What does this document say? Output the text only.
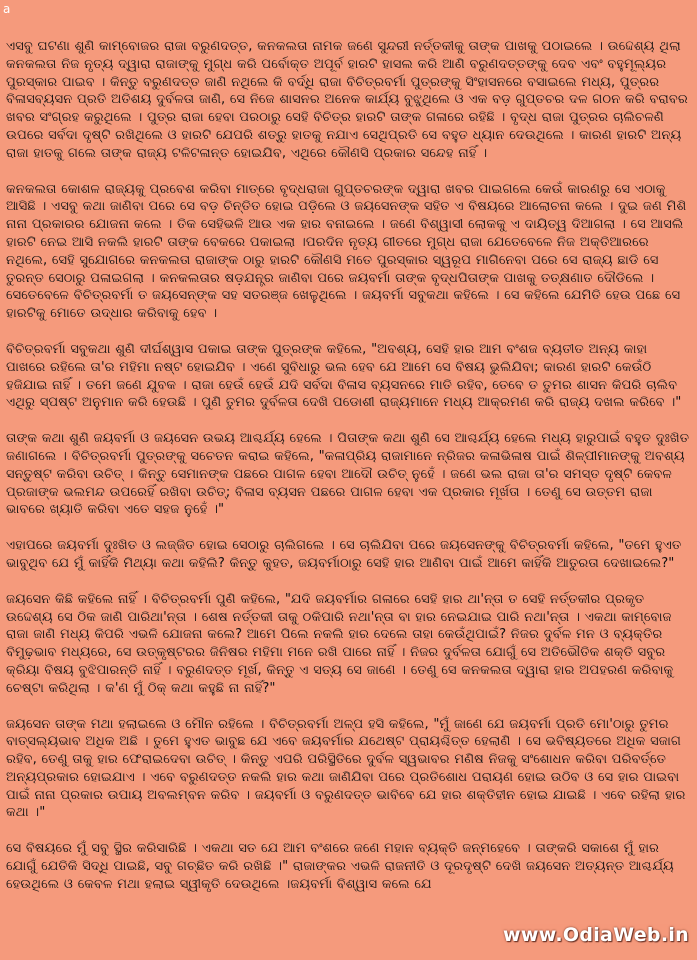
a

ଏସବୁ ଘଟଣା ଶୁଣି କାମ୍ବୋଜର ରାଜା ବରୁଣଦତ୍ତ, କନକଲତା ନାମକ ଜଣେ ସୁନ୍ଦରୀ ନର୍ତ୍ତକୀକୁ ତାଙ୍କ ପାଖକୁ ପଠାଇଲେ । ଉଦ୍ଦେଶ୍ୟ ଥିଲା କନକଲତା ନିଜ ନୃତ୍ୟ ଦ୍ୱାରା ରାଜାଙ୍କୁ ମୁଗ୍ଧ କରି ପର୍ବୋକ୍ତ ଅପୂର୍ବ ହାରଟି ହାସଲ କରି ଆଣି ବରୁଣଦତ୍ତଙ୍କୁ ଦେବ ଏବଂ ବହୁମୂଲ୍ୟର ପୁରସ୍କାର ପାଇବ । କିନ୍ତୁ ବରୁଣଦତ୍ତ ଜାଣି ନଥିଲେ କି ବର୍ଦ୍ଧି ରାଜା ବିଚିତ୍ରବର୍ମା ପୁତ୍ରଙ୍କୁ ସିଂହାସନରେ ବସାଇଲେ ମଧ୍ୟ, ପୁତ୍ରର ବିଳାସବ୍ୟସନ ପ୍ରତି ଅତିଶୟ ଦୁର୍ବଳତା ଜାଣି, ସେ ନିଜେ ଶାସନର ଅନେକ କାର୍ଯ୍ୟ ବୁଝୁଥିଲେ ଓ ଏକ ବଡ଼ ଗୁପ୍ତଚର ଦଳ ଗଠନ କରି ବରାବର ଖବର ସଂଗ୍ରହ କରୁଥିଲେ । ପୁତ୍ର ରାଜା ହେବା ପରଠାରୁ ସେହି ବିଚିତ୍ର ହାରଟି ତାଙ୍କ ଗଳାରେ ରହିଛି । ବୃଦ୍ଧ ରାଜା ପୁତ୍ରର ଚାଲିଚଳଣି ଉପରେ ସର୍ବଦା ଦୃଷ୍ଟି ରଖିଥିଲେ ଓ ହାରଟି ଯେପରି ଶତ୍ରୁ ହାତକୁ ନଯାଏ ସେଥିପ୍ରତି ସେ ବହୁତ ଧ୍ୟାନ ଦେଉଥିଲେ । କାରଣ ହାରଟି ଅନ୍ୟ ରାଜା ହାତକୁ ଗଲେ ତାଙ୍କ ରାଜ୍ୟ ଟଳିଟଳାନ୍ତ ହୋଇଯିବ, ଏଥିରେ କୌଣସି ପ୍ରକାର ସନ୍ଦେହ ନାହିଁ ।

କନକଲତା କୋଶଳ ରାଜ୍ୟକୁ ପ୍ରବେଶ କରିବା ମାତ୍ରେ ବୃଦ୍ଧରାଜା ଗୁପ୍ତଚରଙ୍କ ଦ୍ୱାରା ଖବର ପାଇଗଲେ କେଉଁ କାରଣରୁ ସେ ଏଠାକୁ ଆସିଛି । ଏସବୁ କଥା ଜାଣିବା ପରେ ସେ ବଡ଼ ଚିନ୍ତିତ ହୋଇ ପଡ଼ିଲେ ଓ ଜୟସେନଙ୍କ ସହିତ ଏ ବିଷୟରେ ଆଲୋଚନା କଲେ । ଦୁଇ ଜଣ ମିଶି ନାନା ପ୍ରକାରର ଯୋଜନା କଲେ । ତିକ ସେହିଭଳି ଆଉ ଏକ ହାର ବନାଇଲେ । ଜଣେ ବିଶ୍ୱାସୀ ଲୋକକୁ ଏ ଦାୟିତ୍ୱ ଦିଆଗଲା । ସେ ଆସଲି ହାରଟି ନେଇ ଆସି ନକଲି ହାରଟି ତାଙ୍କ ବେକରେ ପକାଇଲା ।ପରଦିନ ନୃତ୍ୟ ଗୀତରେ ମୁଗ୍ଧ ରାଜା ଯେତେବେଳେ ନିଜ ଅକ୍ତିଆରରେ ନଥିଲେ, ସେହି ସୁଯୋଗରେ କନକଲତା ରାଜାଙ୍କ ଠାରୁ ହାରଟି କୌଣସି ମତେ ପୁରସ୍କାର ସ୍ୱରୂପ ମାଗିନେବା ପରେ ସେ ରାଜ୍ୟ ଛାଡି ସେ ତୁରନ୍ତ ସେଠାରୁ ପଳାଇଗଲା । କନକଲତାର ଷଡ଼ଯନ୍ତ୍ର ଜାଣିବା ପରେ ଜୟବର୍ମା ତାଙ୍କ ବୃଦ୍ଧପିତାଙ୍କ ପାଖକୁ ତତ୍କ୍ଷଣାତ ଦୌଡିଲେ ।ସେତେବେଳେ ବିଚିତ୍ରବର୍ମା ତ ଜୟସେନ୍ଙ୍କ ସହ ସତରଞ୍ଜ ଖେଳୁଥିଲେ । ଜୟବର୍ମା ସବୁକଥା କହିଲେ । ସେ କହିଲେ ଯେମିତି ହେଉ ପଛେ ସେ ହାରଟିକୁ ମୋତେ ଉଦ୍ଧାର କରିବାକୁ ହେବ ।

ବିଚିତ୍ରବର୍ମା ସବୁକଥା ଶୁଣି ଦୀର୍ଘଶ୍ୱାସ ପକାଇ ତାଙ୍କ ପୁତ୍ରଙ୍କ କହିଲେ, "ଅବଶ୍ୟ, ସେହି ହାର ଆମ ବଂଶଜ ବ୍ୟତୀତ ଅନ୍ୟ କାହା ପାଖରେ ରହିଲେ ତା'ର ମହିମା ନଷ୍ଟ ହୋଇଯିବ । ଏଣେ ସୁବିଧାରୁ ଭଲ ହେବ ଯେ ଆମେ ସେ ବିଷୟ ଭୁଲିଯିବା; କାରଣ ହାରଟି କେଉଁଠି ହଜିଯାଇ ନାହିଁ । ତମେ ଜଣେ ଯୁବକ । ରାଜା ହେଉଁ ହେଉଁ ଯଦି ସର୍ବଦା ବିଳାସ ବ୍ୟସନରେ ମାତି ରହିବ, ତେବେ ତ ତୁମର ଶାସନ କିପରି ଚାଲିବ ଏଥିରୁ ସ୍ପଷ୍ଟ ଅନୁମାନ କରି ହେଉଛି । ପୁଣି ତୁମର ଦୁର୍ବଳତା ଦେଖି ପଡୋଶୀ ରାଜ୍ୟମାନେ ମଧ୍ୟ ଆକ୍ରମଣ କରି ରାଜ୍ୟ ଦଖଲ କରିବେ ।"

ତାଙ୍କ କଥା ଶୁଣି ଜୟବର୍ମା ଓ ଜୟସେନ ଉଭୟ ଆଶ୍ଚର୍ଯ୍ୟ ହେଲେ । ପିତାଙ୍କ କଥା ଶୁଣି ସେ ଆଶ୍ଚର୍ଯ୍ୟ ହେଲେ ମଧ୍ୟ ହାରୁପାଇଁ ବହୁତ ଦୁଃଖିତ ଜଣାଗଲେ । ବିଚିତ୍ରବର୍ମା ପୁତ୍ରଙ୍କୁ ସଚେତନ କରାଇ କହିଲେ, "କଳାପ୍ରିୟ ରାଜାମାନେ ନ୍ରିଜର କଳାଭିଳାଷ ପାଇଁ ଶିଳ୍ପୀମାନଙ୍କୁ ଅବଶ୍ୟ ସନ୍ତୁଷ୍ଟ କରିବା ଉଚିତ୍ । କିନ୍ତୁ ସେମାନଙ୍କ ପଛରେ ପାଗଳ ହେବା ଆଦୌ ଉଚିତ୍ ନୁହେଁ । ଜଣେ ଭଲ ରାଜା ତା'ର ସମସ୍ତ ଦୃଷ୍ଟି କେବଳ ପ୍ରଜାଙ୍କ ଭଲମନ୍ଦ ଉପରେହିଁ ରଖିବା ଉଚିତ୍; ବିଳାସ ବ୍ୟସନ ପଛରେ ପାଗଳ ହେବା ଏକ ପ୍ରକାର ମୂର୍ଖତା । ତେଣୁ ସେ ଉତ୍ତମ ରାଜା ଭାବରେ ଖ୍ୟାତି କରିବା ଏତେ ସହଜ ନୁହେଁ ।"

ଏହାପରେ ଜୟବର୍ମା ଦୁଃଖିତ ଓ ଲଜ୍ଜିତ ହୋଇ ସେଠାରୁ ଚାଲିଗଲେ । ସେ ଚାଲିଯିବା ପରେ ଜୟସେନଙ୍କୁ ବିଚିତ୍ରବର୍ମା କହିଲେ, "ତମେ ହୁଏତ ଭାବୁଥିବ ଯେ ମୁଁ କାହିଁକି ମିଥ୍ୟା କଥା କହିଲି? କିନ୍ତୁ କୁହତ, ଜୟବର୍ମାଠାରୁ ସେହି ହାର ଆଣିବା ପାଇଁ ଆମେ କାହିଁକି ଆତୁରତା ଦେଖାଇଲେ?"

ଜୟସେନ କିଛି କହିଲେ ନାହିଁ । ବିଚିତ୍ରବର୍ମା ପୁଣି କହିଲେ, "ଯଦି ଜୟବର୍ମାର ଗଳାରେ ସେହି ହାର ଥା'ନ୍ତା ତ ସେହି ନର୍ତ୍ତକୀର ପ୍ରକୃତ ଉଦ୍ଦେଶ୍ୟ ସେ ଠିକ ଜାଣି ପାରିଥା'ନ୍ତା । ଶେଷ ନର୍ତ୍ତକୀ ତାକୁ ଠକିପାରି ନଥା'ନ୍ତା ବା ହାର ନେଇଯାଇ ପାରି ନଥା'ନ୍ତା । ଏକଥା କାମ୍ବୋଜ ରାଜା ଜାଣି ମଧ୍ୟ କିପରି ଏଭଳି ଯୋଜନା କଲେ? ଆମେ ପିଲେ ନକଲି ହାର ଦେଲେ ତାହା କେଉଁଥିପାଇଁ? ନିଜର ଦୁର୍ବଳ ମନ ଓ ବ୍ୟକ୍ତିର ବିମୁଢ଼ଭାବ ମଧ୍ୟରେ, ସେ ଉତ୍କୃଷ୍ଟରର ଜିନିଷର ମହିମା ମନେ ରଖି ପାରେ ନାହିଁ । ନିଜର ଦୁର୍ବଳତା ଯୋଗୁଁ ସେ ଅତିଭୌତିକ ଶକ୍ତି ସବୁର କ୍ରିୟା ବିଷୟ ବୁଝିପାରନ୍ତି ନାହିଁ । ବରୁଣଦତ୍ତ ମୂର୍ଖ, କିନ୍ତୁ ଏ ସତ୍ୟ ସେ ଜାଣେ । ତେଣୁ ସେ କନକଲତା ଦ୍ୱାରା ହାର ଅପହରଣ କରିବାକୁ ଚେଷ୍ଟା କରିଥିଲା । କ'ଣ ମୁଁ ଠିକ୍ କଥା କହୁଛି ନା ନାହିଁ?"

ଜୟସେନ ତାଙ୍କ ମଥା ହଲାଇଲେ ଓ ମୌନ ରହିଲେ । ବିଚିତ୍ରବର୍ମା ଅଳ୍ପ ହସି କହିଲେ, "ମୁଁ ଜାଣେ ଯେ ଜୟବର୍ମା ପ୍ରତି ମୋ'ଠାରୁ ତୁମର ବାତ୍ସଲ୍ୟଭାବ ଅଧିକ ଅଛି । ତୁମେ ହୁଏତ ଭାବୁଛ ଯେ ଏବେ ଜୟବର୍ମାର ଯଥେଷ୍ଟ ପ୍ରାୟଶ୍ଚିତ୍ତ ହେଲାଣି । ସେ ଭବିଷ୍ୟତରେ ଅଧିକ ସଜାଗ ରହିବ, ତେଣୁ ତାକୁ ହାର ଫେରାଇଦେବା ଉଚିତ୍ । କିନ୍ତୁ ଏପରି ପରିସ୍ଥିତିରେ ଦୁର୍ବଳ ସ୍ୱଭାବର ମଣିଷ ନିଜକୁ ସଂଶୋଧନ କରିବା ପରିବର୍ତ୍ତେ ଅନ୍ୟପ୍ରକାର ହୋଇଯାଏ । ଏବେ ବରୁଣଦତ୍ତ ନକଲି ହାର କଥା ଜାଣିଯିବା ପରେ ପ୍ରତିଶୋଧ ପରାୟଣ ହୋଇ ଉଠିବ ଓ ସେ ହାର ପାଇବା ପାଇଁ ନାନା ପ୍ରକାର ଉପାୟ ଅବଲମ୍ବନ କରିବ । ଜୟବର୍ମା ଓ ବରୁଣଦତ୍ତ ଭାବିବେ ଯେ ହାର ଶକ୍ତିହୀନ ହୋଇ ଯାଇଛି । ଏବେ ରହିଲା ହାର କଥା ।"

ସେ ବିଷୟରେ ମୁଁ ସବୁ ସ୍ଥିର କରିସାରିଛି । ଏକଥା ସତ ଯେ ଆମ ବଂଶରେ ଜଣେ ମହାନ ବ୍ୟକ୍ତି ଜନ୍ମହେବେ । ତାଙ୍କରି ସକାଶେ ମୁଁ ହାର ଯୋଗୁଁ ଯେତିକି ସିଦ୍ଧି ପାଇଛି, ସବୁ ଗଚ୍ଛିତ କରି ରଖିଛି ।" ରାଜାଙ୍କର ଏଭଳି ରାଜନୀତି ଓ ଦୂରଦୃଷ୍ଟି ଦେଖି ଜୟସେନ ଅତ୍ୟନ୍ତ ଆଶ୍ଚର୍ଯ୍ୟ ହେଉଥିଲେ ଓ କେବଳ ମଥା ହଲାଇ ସ୍ୱୀକୃତି ଦେଉଥିଲେ ।ଜୟବର୍ମା ବିଶ୍ୱାସ କଲେ ଯେ

www.OdiaWeb.in
